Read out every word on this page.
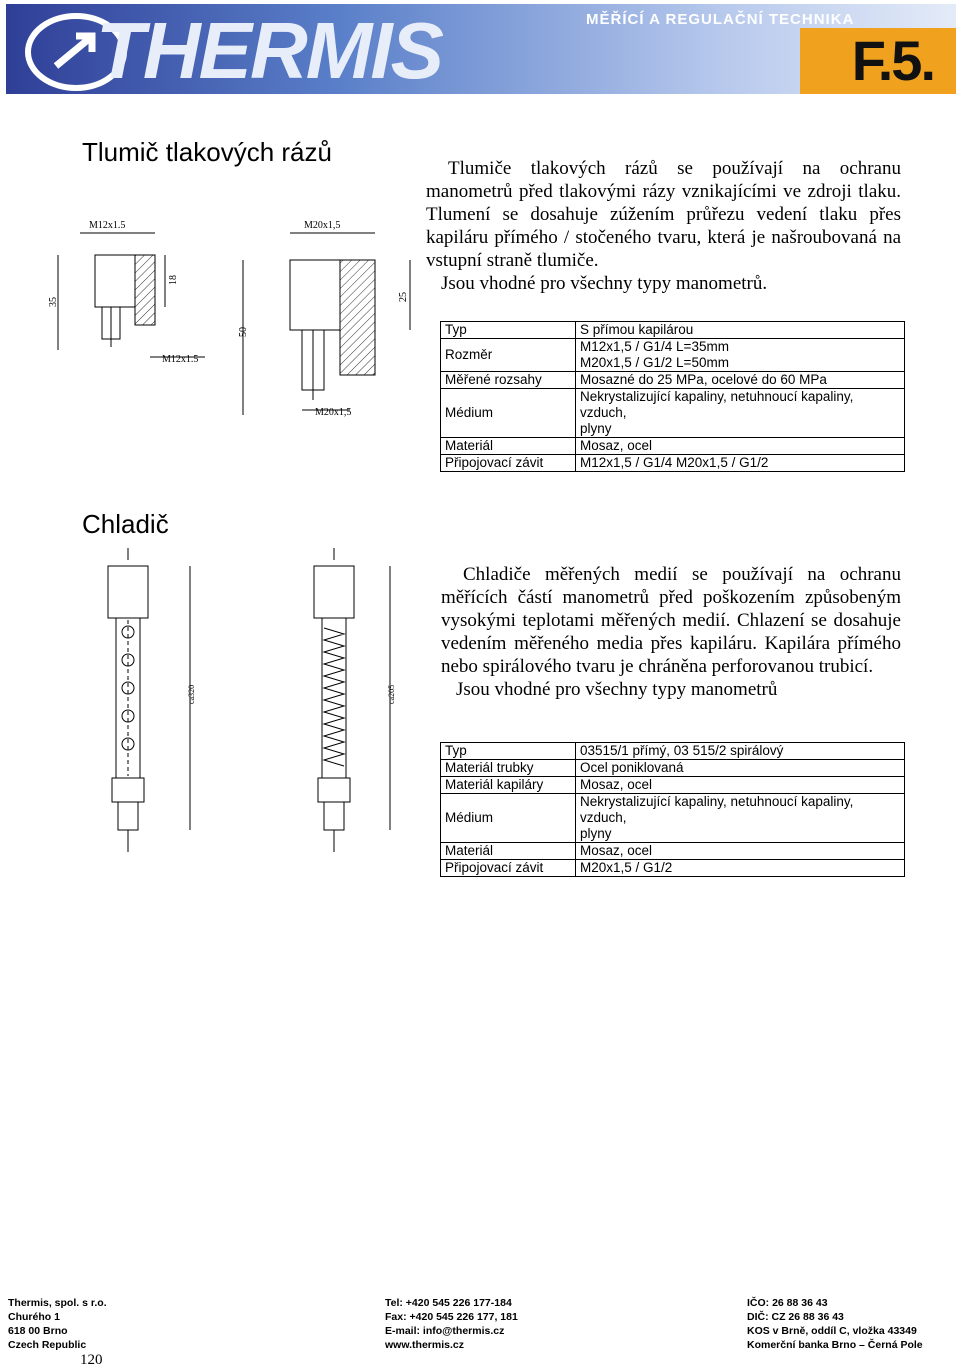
THERMIS	MĚŘÍCÍ A REGULAČNÍ TECHNIKA
F.5.
Tlumič tlakových rázů
Tlumiče tlakových rázů se používají na ochranu manometrů před tlakovými rázy vznikajícími ve zdroji tlaku. Tlumení se dosahuje zúžením průřezu vedení tlaku přes kapiláru přímého / stočeného tvaru, která je našroubovaná na vstupní straně tlumiče.
Jsou vhodné pro všechny typy manometrů.
M12x1.5
35
18
M12x1.5
M20x1,5
50
25
M20x1,5
Typ	S přímou kapilárou
Rozměr	M12x1,5 / G1/4 L=35mm
M20x1,5 / G1/2 L=50mm

Měřené rozsahy	Mosazné do 25 MPa, ocelové do 60 MPa
Médium	Nekrystalizující kapaliny, netuhnoucí kapaliny, vzduch,
plyny

Materiál	Mosaz, ocel
Připojovací závit	M12x1,5 / G1/4 M20x1,5 / G1/2
Chladič
Chladiče měřených medií se používají na ochranu měřících částí manometrů před poškozením způsobeným vysokými teplotami měřených medií. Chlazení se dosahuje vedením měřeného media přes kapiláru. Kapilára přímého nebo spirálového tvaru je chráněna perforovanou trubicí.
Jsou vhodné pro všechny typy manometrů
ca320	ca205
Typ	03515/1 přímý, 03 515/2 spirálový
Materiál trubky	Ocel poniklovaná
Materiál kapiláry	Mosaz, ocel
Médium	Nekrystalizující kapaliny, netuhnoucí kapaliny, vzduch,
plyny

Materiál	Mosaz, ocel
Připojovací závit	M20x1,5 / G1/2
Thermis, spol. s r.o.
Churého 1
618 00 Brno
Czech Republic
Tel: +420 545 226 177-184
Fax: +420 545 226 177, 181
E-mail: info@thermis.cz
www.thermis.cz
IČO: 26 88 36 43
DIČ: CZ 26 88 36 43
KOS v Brně, oddíl C, vložka 43349
Komerční banka Brno – Černá Pole
120
